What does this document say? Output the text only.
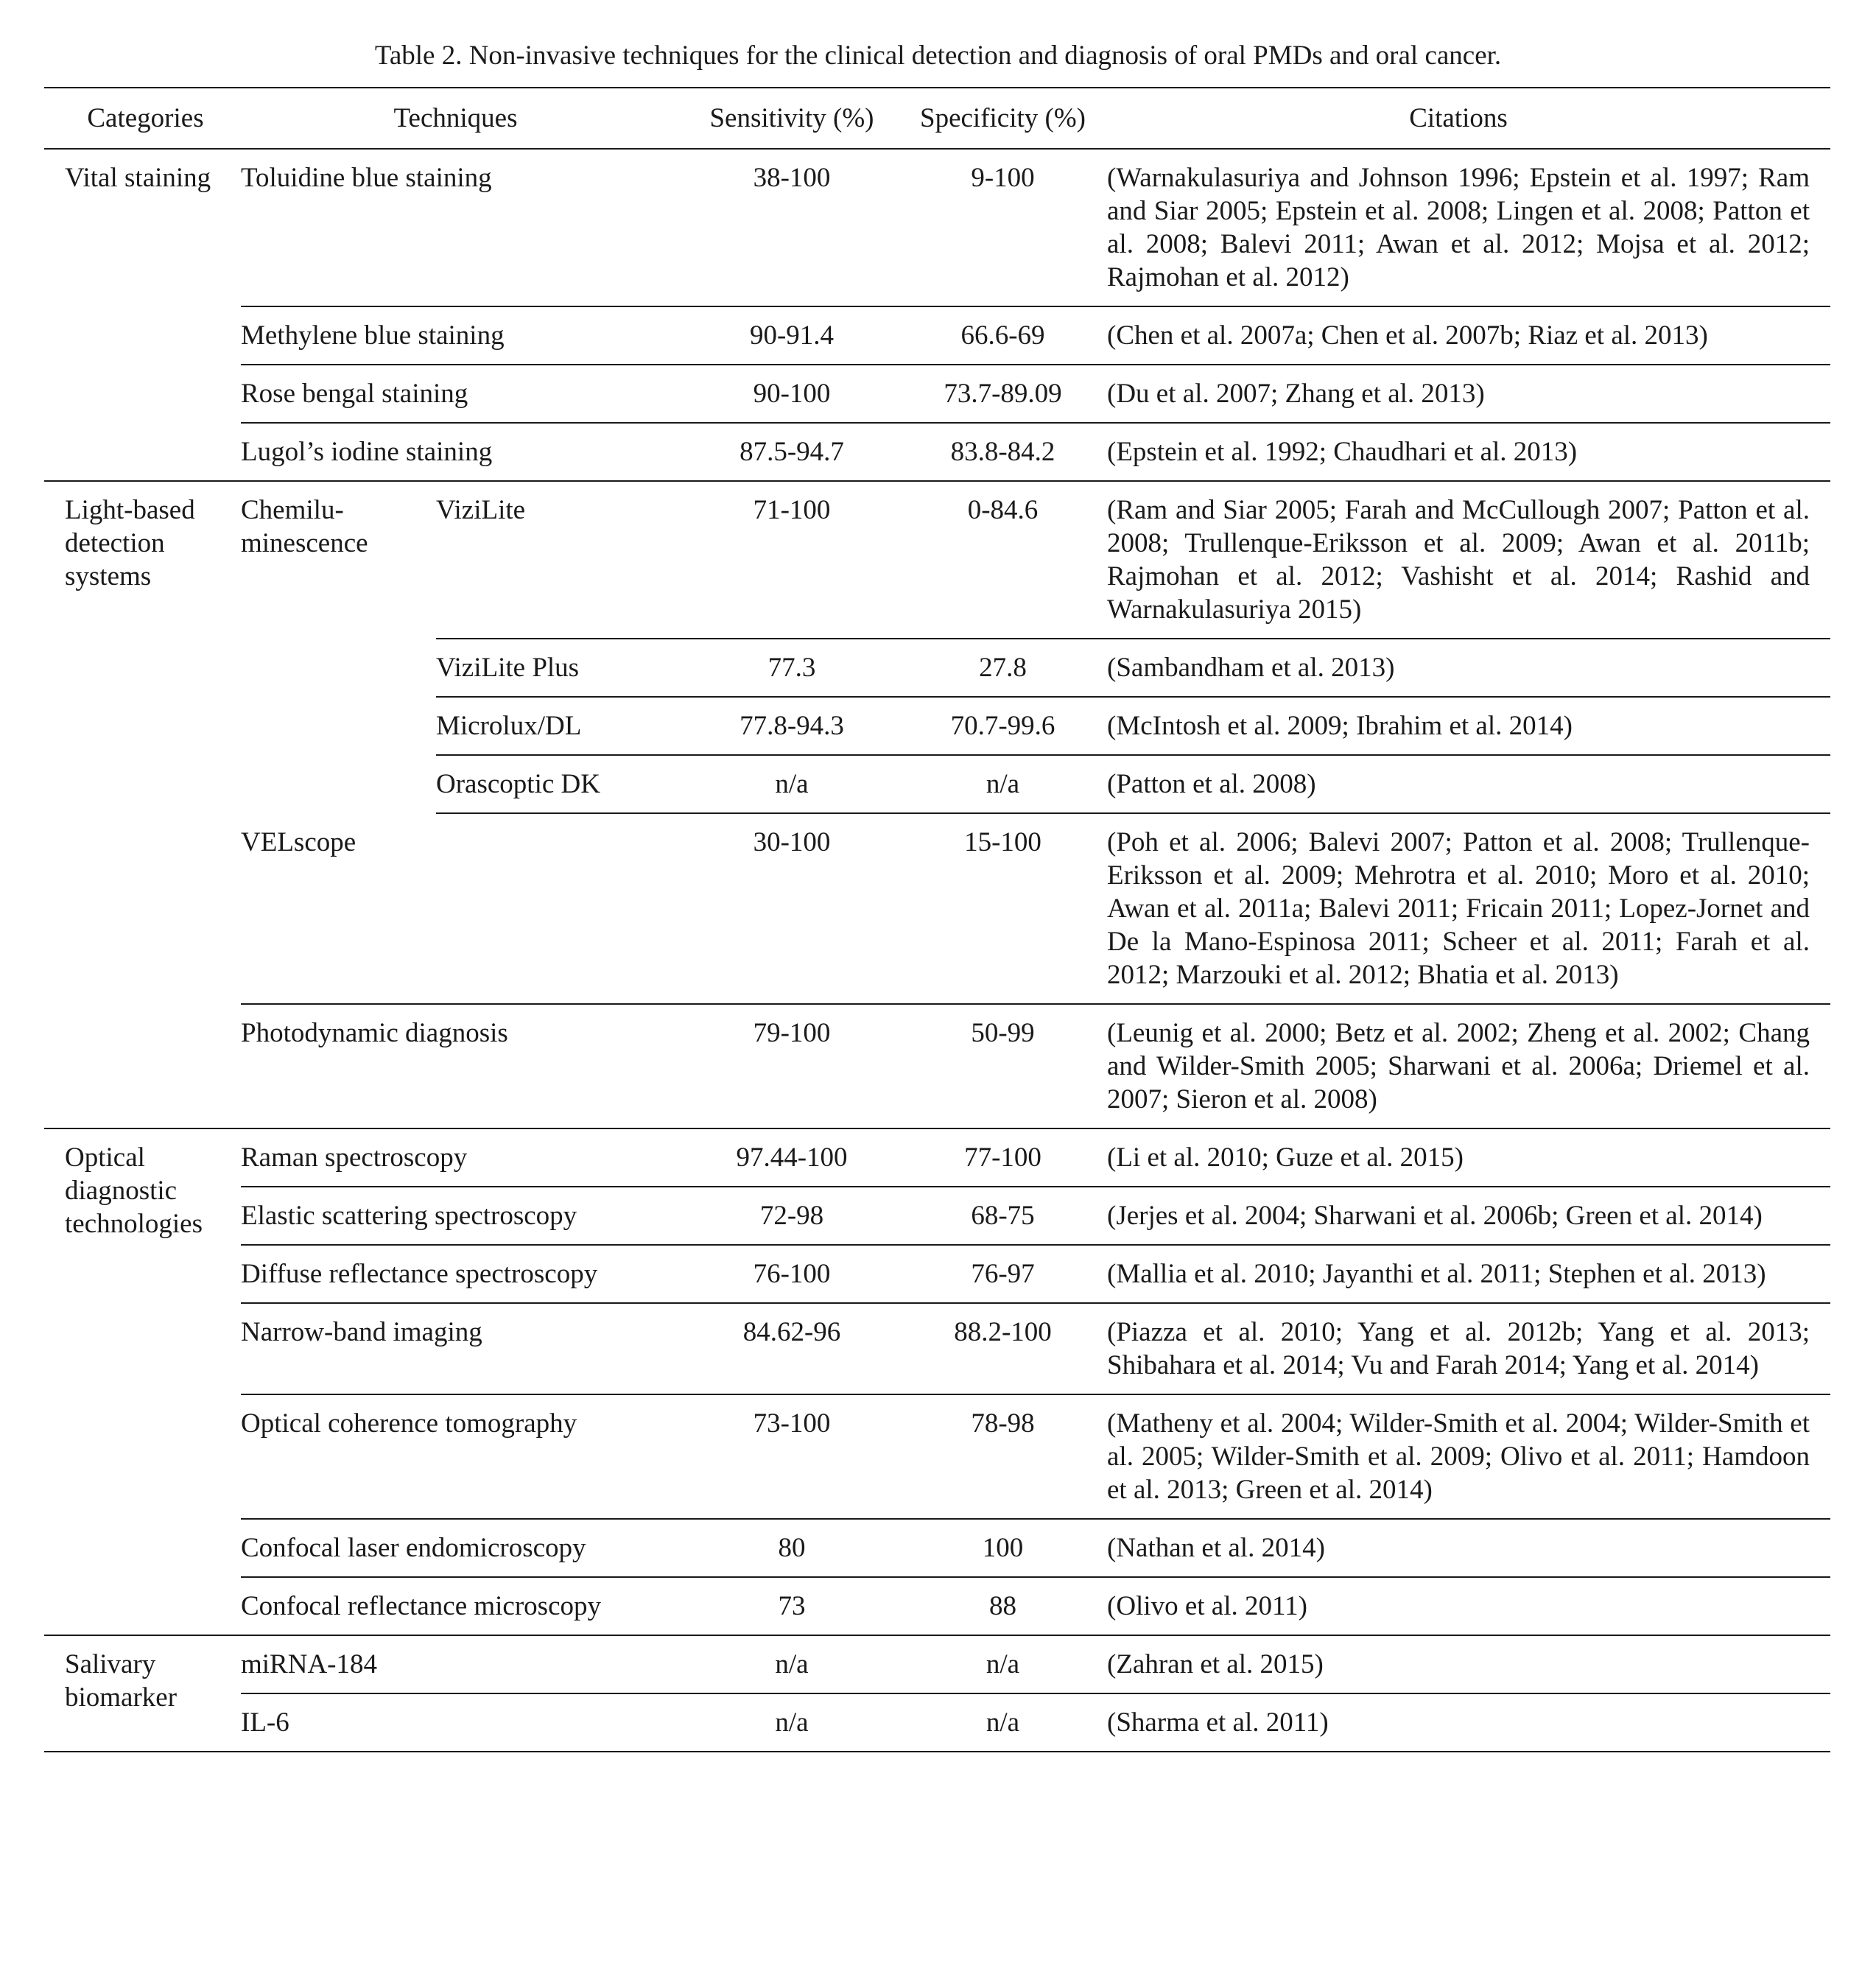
Table 2. Non-invasive techniques for the clinical detection and diagnosis of oral PMDs and oral cancer.
Categories	Techniques		Sensitivity (%)	Specificity (%)	Citations
Vital staining	Toluidine blue staining		38-100	9-100	(Warnakulasuriya and Johnson 1996; Epstein et al. 1997; Ram and Siar 2005; Epstein et al. 2008; Lingen et al. 2008; Patton et al. 2008; Balevi 2011; Awan et al. 2012; Mojsa et al. 2012; Rajmohan et al. 2012)
	Methylene blue staining		90-91.4	66.6-69	(Chen et al. 2007a; Chen et al. 2007b; Riaz et al. 2013)
	Rose bengal staining		90-100	73.7-89.09	(Du et al. 2007; Zhang et al. 2013)
	Lugol’s iodine staining		87.5-94.7	83.8-84.2	(Epstein et al. 1992; Chaudhari et al. 2013)
Light-based detection systems	Chemilu-minescence	ViziLite	71-100	0-84.6	(Ram and Siar 2005; Farah and McCullough 2007; Patton et al. 2008; Trullenque-Eriksson et al. 2009; Awan et al. 2011b; Rajmohan et al. 2012; Vashisht et al. 2014; Rashid and Warnakulasuriya 2015)
		ViziLite Plus	77.3	27.8	(Sambandham et al. 2013)
		Microlux/DL	77.8-94.3	70.7-99.6	(McIntosh et al. 2009; Ibrahim et al. 2014)
		Orascoptic DK	n/a	n/a	(Patton et al. 2008)
	VELscope		30-100	15-100	(Poh et al. 2006; Balevi 2007; Patton et al. 2008; Trullenque-Eriksson et al. 2009; Mehrotra et al. 2010; Moro et al. 2010; Awan et al. 2011a; Balevi 2011; Fricain 2011; Lopez-Jornet and De la Mano-Espinosa 2011; Scheer et al. 2011; Farah et al. 2012; Marzouki et al. 2012; Bhatia et al. 2013)
	Photodynamic diagnosis		79-100	50-99	(Leunig et al. 2000; Betz et al. 2002; Zheng et al. 2002; Chang and Wilder-Smith 2005; Sharwani et al. 2006a; Driemel et al. 2007; Sieron et al. 2008)
Optical diagnostic technologies	Raman spectroscopy		97.44-100	77-100	(Li et al. 2010; Guze et al. 2015)
	Elastic scattering spectroscopy		72-98	68-75	(Jerjes et al. 2004; Sharwani et al. 2006b; Green et al. 2014)
	Diffuse reflectance spectroscopy		76-100	76-97	(Mallia et al. 2010; Jayanthi et al. 2011; Stephen et al. 2013)
	Narrow-band imaging		84.62-96	88.2-100	(Piazza et al. 2010; Yang et al. 2012b; Yang et al. 2013; Shibahara et al. 2014; Vu and Farah 2014; Yang et al. 2014)
	Optical coherence tomography		73-100	78-98	(Matheny et al. 2004; Wilder-Smith et al. 2004; Wilder-Smith et al. 2005; Wilder-Smith et al. 2009; Olivo et al. 2011; Hamdoon et al. 2013; Green et al. 2014)
	Confocal laser endomicroscopy		80	100	(Nathan et al. 2014)
	Confocal reflectance microscopy		73	88	(Olivo et al. 2011)
Salivary biomarker	miRNA-184		n/a	n/a	(Zahran et al. 2015)
	IL-6		n/a	n/a	(Sharma et al. 2011)
